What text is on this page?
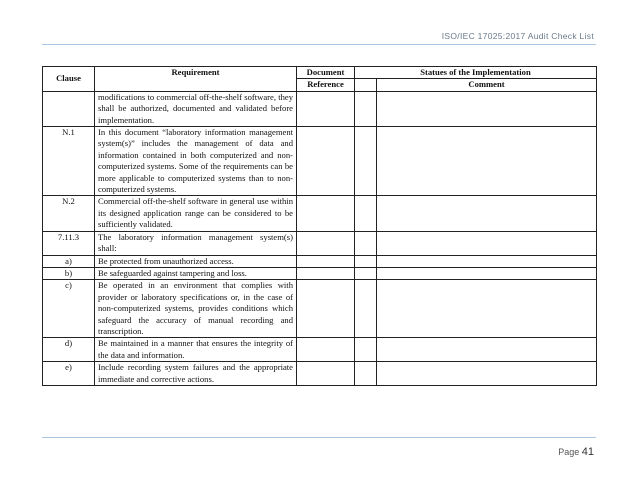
ISO/IEC 17025:2017 Audit Check List
Clause	Requirement	Document	Statues of the Implementation	
		Reference		Comment
	modifications to commercial off-the-shelf software, they shall be authorized, documented and validated before implementation.			
N.1	In this document “laboratory information management system(s)” includes the management of data and information contained in both computerized and non-computerized systems. Some of the requirements can be more applicable to computerized systems than to non-computerized systems.			
N.2	Commercial off-the-shelf software in general use within its designed application range can be considered to be sufficiently validated.			
7.11.3	The laboratory information management system(s) shall:			
a)	Be protected from unauthorized access.			
b)	Be safeguarded against tampering and loss.			
c)	Be operated in an environment that complies with provider or laboratory specifications or, in the case of non-computerized systems, provides conditions which safeguard the accuracy of manual recording and transcription.			
d)	Be maintained in a manner that ensures the integrity of the data and information.			
e)	Include recording system failures and the appropriate immediate and corrective actions.			
Page 41
